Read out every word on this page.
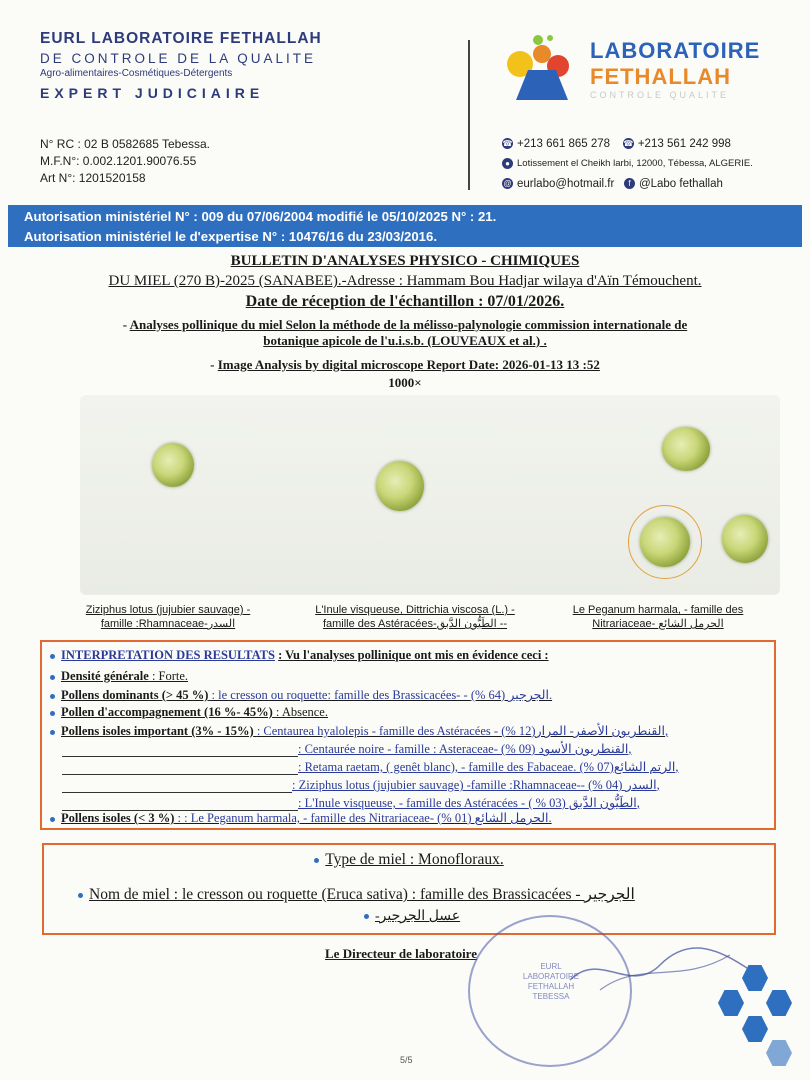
EURL LABORATOIRE FETHALLAH
DE CONTROLE DE LA QUALITE
Agro-alimentaires-Cosmétiques-Détergents
EXPERT JUDICIAIRE
N° RC : 02 B 0582685 Tebessa.
M.F.N°: 0.002.1201.90076.55
Art N°: 1201520158
LABORATOIRE
FETHALLAH
CONTROLE QUALITE
☎ +213 661 865 278 ☎ +213 561 242 998
● Lotissement el Cheikh larbi, 12000, Tébessa, ALGERIE.
@ eurlabo@hotmail.fr f @Labo fethallah
Autorisation ministériel N° : 009 du 07/06/2004 modifié le 05/10/2025 N° : 21.
Autorisation ministériel le d'expertise N° : 10476/16 du 23/03/2016.
BULLETIN D'ANALYSES PHYSICO - CHIMIQUES
DU MIEL (270 B)-2025 (SANABEE).-Adresse : Hammam Bou Hadjar wilaya d'Aïn Témouchent.
Date de réception de l'échantillon : 07/01/2026.
- Analyses pollinique du miel Selon la méthode de la mélisso-palynologie commission internationale de
botanique apicole de l'u.i.s.b. (LOUVEAUX et al.) .
- Image Analysis by digital microscope Report Date: 2026-01-13 13 :52
1000×
Ziziphus lotus (jujubier sauvage) -
famille :Rhamnaceae-السدر
L'Inule visqueuse, Dittrichia viscosa (L.) -
famille des Astéracées-الطَيُّون الدَّبق --
Le Peganum harmala, - famille des
Nitrariaceae- الحرمل الشائع
INTERPRETATION DES RESULTATS : Vu l'analyses pollinique ont mis en évidence ceci :
Densité générale : Forte.
Pollens dominants (> 45 %) : le cresson ou roquette: famille des Brassicacées- - الجرجير (64 %).
Pollen d'accompagnement (16 %- 45%) : Absence.
Pollens isoles important (3% - 15%) : Centaurea hyalolepis - famille des Astéracées - القنطريون الأصفر- المرار(12 %),
: Centaurée noire - famille : Asteraceae- القنطريون الأسود (09 %),
: Retama raetam, ( genêt blanc), - famille des Fabaceae. الرتم الشائع(07 %),
: Ziziphus lotus (jujubier sauvage) -famille :Rhamnaceae-- السدر (04 %),
: L'Inule visqueuse, - famille des Astéracées - الطَيُّون الدَّبق (03 % ),
Pollens isoles (< 3 %) : : Le Peganum harmala, - famille des Nitrariaceae- الحرمل الشائع (01 %).
Type de miel : Monofloraux.
Nom de miel : le cresson ou roquette (Eruca sativa) : famille des Brassicacées - الجرجير
-عسل الجرجير
Le Directeur de laboratoire
EURL LABORATOIRE
FETHALLAH
TEBESSA
5/5
